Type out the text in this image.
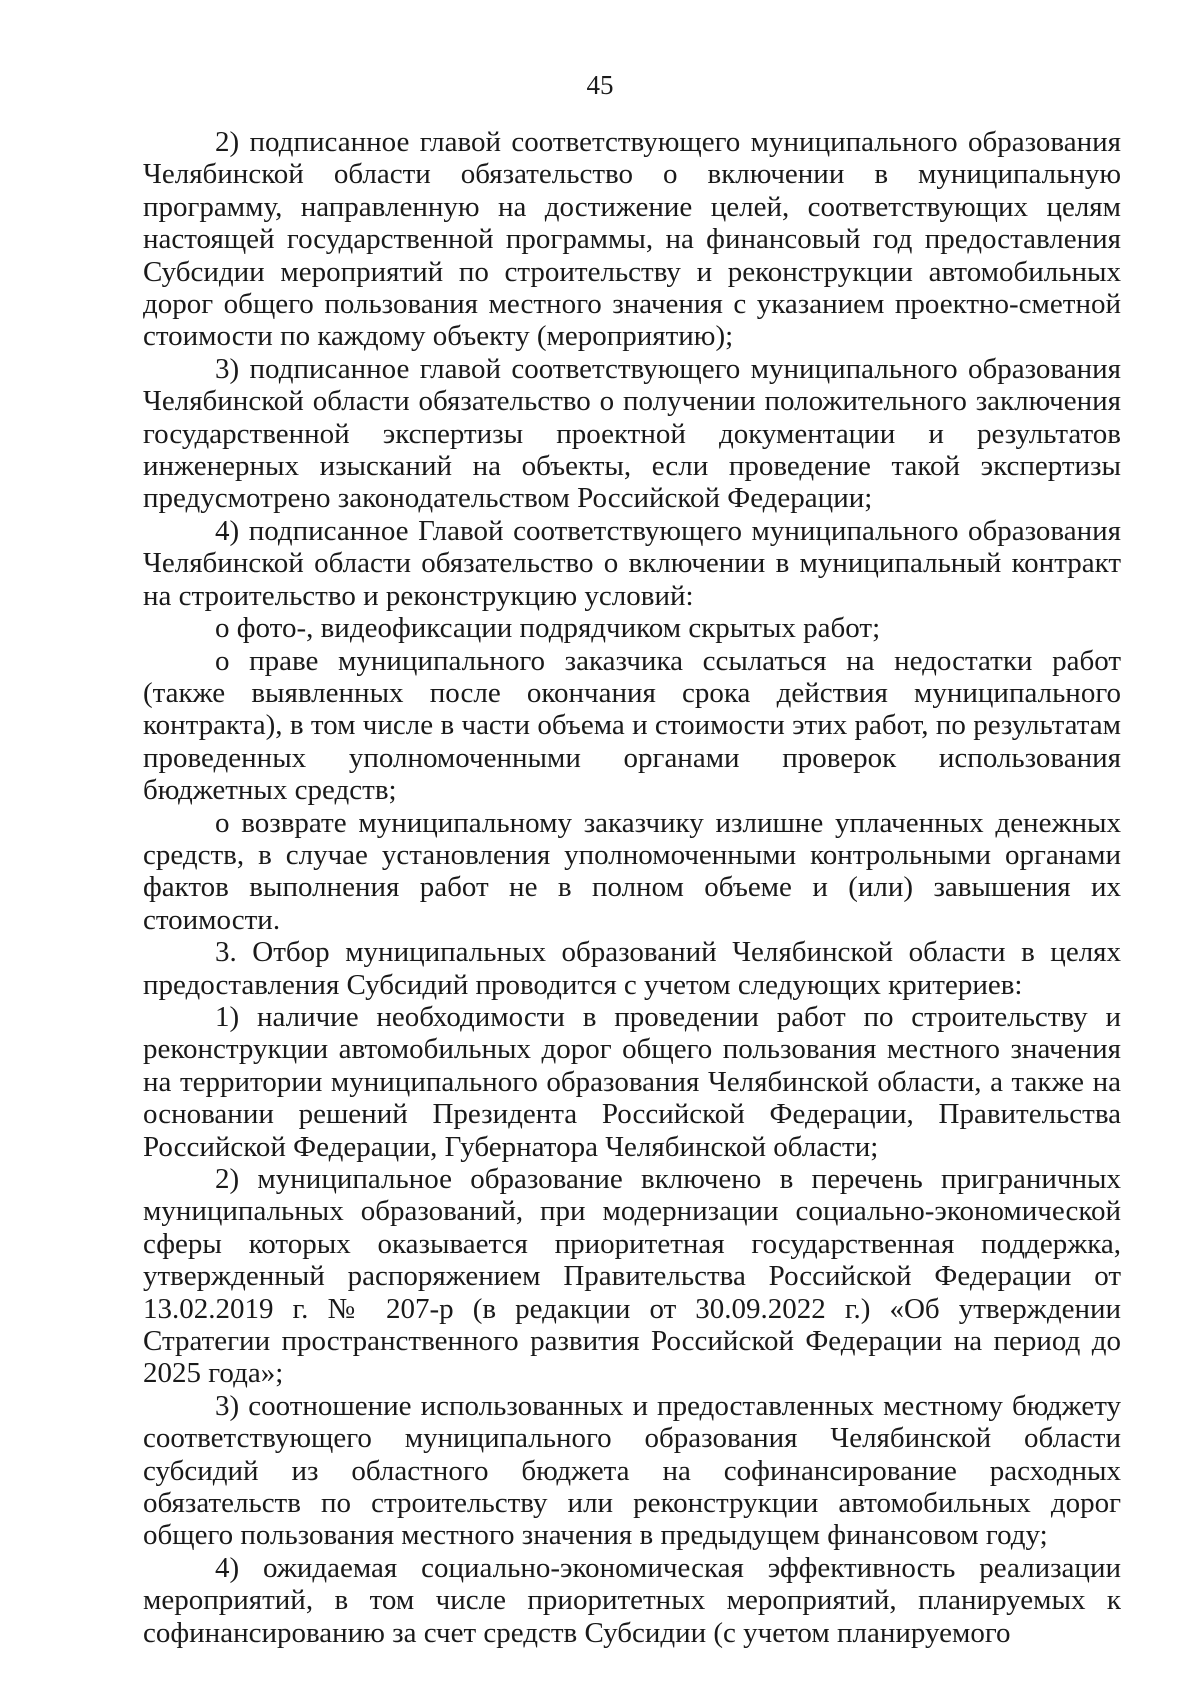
45

2) подписанное главой соответствующего муниципального образования Челябинской области обязательство о включении в муниципальную программу, направленную на достижение целей, соответствующих целям настоящей государственной программы, на финансовый год предоставления Субсидии мероприятий по строительству и реконструкции автомобильных дорог общего пользования местного значения с указанием проектно-сметной стоимости по каждому объекту (мероприятию);

3) подписанное главой соответствующего муниципального образования Челябинской области обязательство о получении положительного заключения государственной экспертизы проектной документации и результатов инженерных изысканий на объекты, если проведение такой экспертизы предусмотрено законодательством Российской Федерации;

4) подписанное Главой соответствующего муниципального образования Челябинской области обязательство о включении в муниципальный контракт на строительство и реконструкцию условий:

о фото-, видеофиксации подрядчиком скрытых работ;

о праве муниципального заказчика ссылаться на недостатки работ (также выявленных после окончания срока действия муниципального контракта), в том числе в части объема и стоимости этих работ, по результатам проведенных уполномоченными органами проверок использования бюджетных средств;

о возврате муниципальному заказчику излишне уплаченных денежных средств, в случае установления уполномоченными контрольными органами фактов выполнения работ не в полном объеме и (или) завышения их стоимости.

3. Отбор муниципальных образований Челябинской области в целях предоставления Субсидий проводится с учетом следующих критериев:

1) наличие необходимости в проведении работ по строительству и реконструкции автомобильных дорог общего пользования местного значения на территории муниципального образования Челябинской области, а также на основании решений Президента Российской Федерации, Правительства Российской Федерации, Губернатора Челябинской области;

2) муниципальное образование включено в перечень приграничных муниципальных образований, при модернизации социально-экономической сферы которых оказывается приоритетная государственная поддержка, утвержденный распоряжением Правительства Российской Федерации от 13.02.2019 г. № 207-р (в редакции от 30.09.2022 г.) «Об утверждении Стратегии пространственного развития Российской Федерации на период до 2025 года»;

3) соотношение использованных и предоставленных местному бюджету соответствующего муниципального образования Челябинской области субсидий из областного бюджета на софинансирование расходных обязательств по строительству или реконструкции автомобильных дорог общего пользования местного значения в предыдущем финансовом году;

4) ожидаемая социально-экономическая эффективность реализации мероприятий, в том числе приоритетных мероприятий, планируемых к софинансированию за счет средств Субсидии (с учетом планируемого
